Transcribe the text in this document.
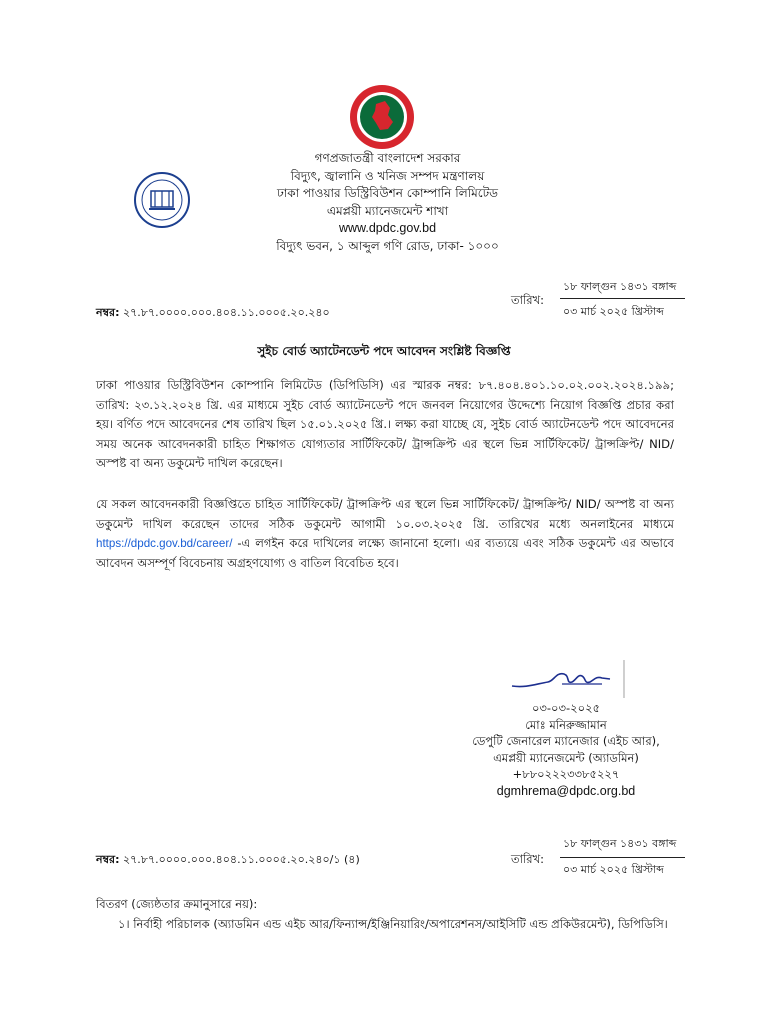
গণপ্রজাতন্ত্রী বাংলাদেশ সরকার
বিদ্যুৎ, জ্বালানি ও খনিজ সম্পদ মন্ত্রণালয়
ঢাকা পাওয়ার ডিস্ট্রিবিউশন কোম্পানি লিমিটেড
এমপ্লয়ী ম্যানেজমেন্ট শাখা
www.dpdc.gov.bd
বিদ্যুৎ ভবন, ১ আব্দুল গণি রোড, ঢাকা- ১০০০
নম্বর: ২৭.৮৭.০০০০.০০০.৪০৪.১১.০০০৫.২০.২৪০
তারিখ:
১৮ ফাল্গুন ১৪৩১ বঙ্গাব্দ
০৩ মার্চ ২০২৫ খ্রিস্টাব্দ
সুইচ বোর্ড অ্যাটেনডেন্ট পদে আবেদন সংশ্লিষ্ট বিজ্ঞপ্তি
ঢাকা পাওয়ার ডিস্ট্রিবিউশন কোম্পানি লিমিটেড (ডিপিডিসি) এর স্মারক নম্বর: ৮৭.৪০৪.৪০১.১০.০২.০০২.২০২৪.১৯৯; তারিখ: ২৩.১২.২০২৪ খ্রি. এর মাধ্যমে সুইচ বোর্ড অ্যাটেনডেন্ট পদে জনবল নিয়োগের উদ্দেশ্যে নিয়োগ বিজ্ঞপ্তি প্রচার করা হয়। বর্ণিত পদে আবেদনের শেষ তারিখ ছিল ১৫.০১.২০২৫ খ্রি.। লক্ষ্য করা যাচ্ছে যে, সুইচ বোর্ড অ্যাটেনডেন্ট পদে আবেদনের সময় অনেক আবেদনকারী চাহিত শিক্ষাগত যোগ্যতার সার্টিফিকেট/ ট্রান্সক্রিপ্ট এর স্থলে ভিন্ন সার্টিফিকেট/ ট্রান্সক্রিপ্ট/ NID/ অস্পষ্ট বা অন্য ডকুমেন্ট দাখিল করেছেন।
যে সকল আবেদনকারী বিজ্ঞপ্তিতে চাহিত সার্টিফিকেট/ ট্রান্সক্রিপ্ট এর স্থলে ভিন্ন সার্টিফিকেট/ ট্রান্সক্রিপ্ট/ NID/ অস্পষ্ট বা অন্য ডকুমেন্ট দাখিল করেছেন তাদের সঠিক ডকুমেন্ট আগামী ১০.০৩.২০২৫ খ্রি. তারিখের মধ্যে অনলাইনের মাধ্যমে https://dpdc.gov.bd/career/ -এ লগইন করে দাখিলের লক্ষ্যে জানানো হলো। এর ব্যত্যয়ে এবং সঠিক ডকুমেন্ট এর অভাবে আবেদন অসম্পূর্ণ বিবেচনায় অগ্রহণযোগ্য ও বাতিল বিবেচিত হবে।
০৩-০৩-২০২৫
মোঃ মনিরুজ্জামান
ডেপুটি জেনারেল ম্যানেজার (এইচ আর),
এমপ্লয়ী ম্যানেজমেন্ট (অ্যাডমিন)
+৮৮০২২২৩৩৮৫২২৭
dgmhrema@dpdc.org.bd
নম্বর: ২৭.৮৭.০০০০.০০০.৪০৪.১১.০০০৫.২০.২৪০/১ (৪)	তারিখ:
১৮ ফাল্গুন ১৪৩১ বঙ্গাব্দ
০৩ মার্চ ২০২৫ খ্রিস্টাব্দ
বিতরণ (জ্যেষ্ঠতার ক্রমানুসারে নয়):
১। নির্বাহী পরিচালক (অ্যাডমিন এন্ড এইচ আর/ফিন্যান্স/ইঞ্জিনিয়ারিং/অপারেশনস/আইসিটি এন্ড প্রকিউরমেন্ট), ডিপিডিসি।
